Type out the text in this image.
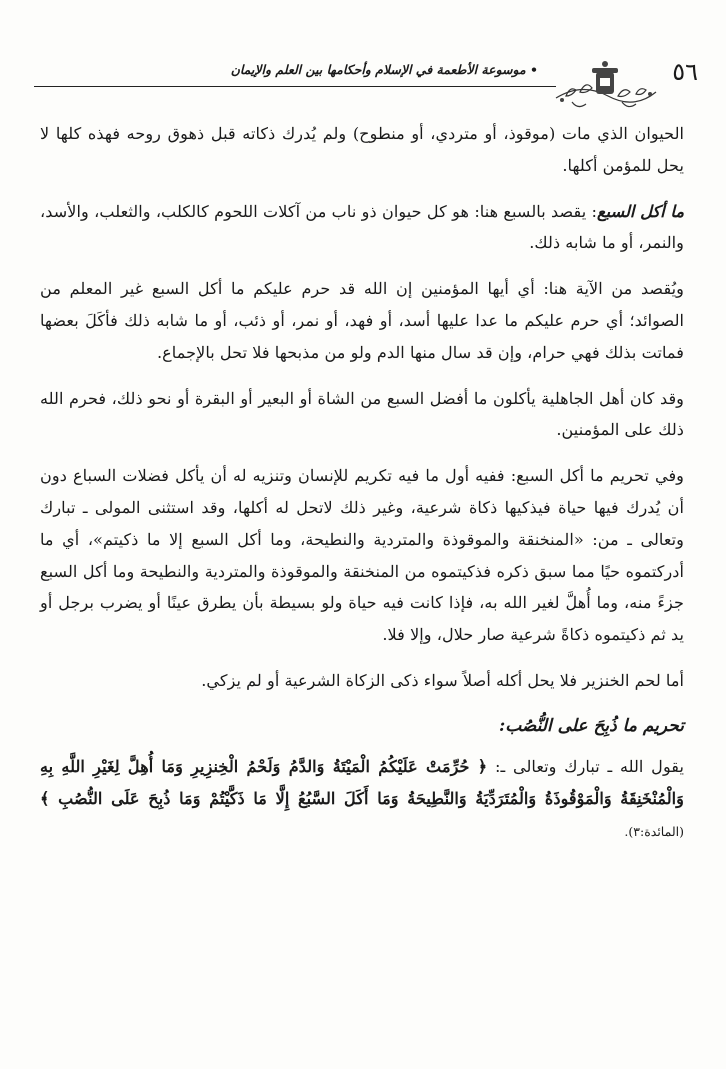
٥٦
• موسوعة الأطعمة في الإسلام وأحكامها بين العلم والإيمان

الحيوان الذي مات (موقوذ، أو متردي، أو منطوح) ولم يُدرك ذكاته قبل ذهوق روحه فهذه كلها لا يحل للمؤمن أكلها.

ما أكل السبع: يقصد بالسبع هنا: هو كل حيوان ذو ناب من آكلات اللحوم كالكلب، والثعلب، والأسد، والنمر، أو ما شابه ذلك.

ويُقصد من الآية هنا: أي أيها المؤمنين إن الله قد حرم عليكم ما أكل السبع غير المعلم من الصوائد؛ أي حرم عليكم ما عدا عليها أسد، أو فهد، أو نمر، أو ذئب، أو ما شابه ذلك فأكَلَ بعضها فماتت بذلك فهي حرام، وإن قد سال منها الدم ولو من مذبحها فلا تحل بالإجماع.

وقد كان أهل الجاهلية يأكلون ما أفضل السبع من الشاة أو البعير أو البقرة أو نحو ذلك، فحرم الله ذلك على المؤمنين.

وفي تحريم ما أكل السبع: ففيه أول ما فيه تكريم للإنسان وتنزيه له أن يأكل فضلات السباع دون أن يُدرك فيها حياة فيذكيها ذكاة شرعية، وغير ذلك لاتحل له أكلها، وقد استثنى المولى ـ تبارك وتعالى ـ من: «المنخنقة والموقوذة والمتردية والنطيحة، وما أكل السبع إلا ما ذكيتم»، أي ما أدركتموه حيًا مما سبق ذكره فذكيتموه من المنخنقة والموقوذة والمتردية والنطيحة وما أكل السبع جزءً منه، وما أُهلَّ لغير الله به، فإذا كانت فيه حياة ولو بسيطة بأن يطرق عينًا أو يضرب برجل أو يد ثم ذكيتموه ذكاةً شرعية صار حلال، وإلا فلا.

أما لحم الخنزير فلا يحل أكله أصلاً سواء ذكى الزكاة الشرعية أو لم يزكي.

تحريم ما ذُبِحَ على النُّصُب:

يقول الله ـ تبارك وتعالى ـ: ﴿ حُرِّمَتْ عَلَيْكُمُ الْمَيْتَةُ وَالدَّمُ وَلَحْمُ الْخِنزِيرِ وَمَا أُهِلَّ لِغَيْرِ اللَّهِ بِهِ وَالْمُنْخَنِقَةُ وَالْمَوْقُوذَةُ وَالْمُتَرَدِّيَةُ وَالنَّطِيحَةُ وَمَا أَكَلَ السَّبُعُ إِلَّا مَا ذَكَّيْتُمْ وَمَا ذُبِحَ عَلَى النُّصُبِ ﴾ (المائدة:٣).
